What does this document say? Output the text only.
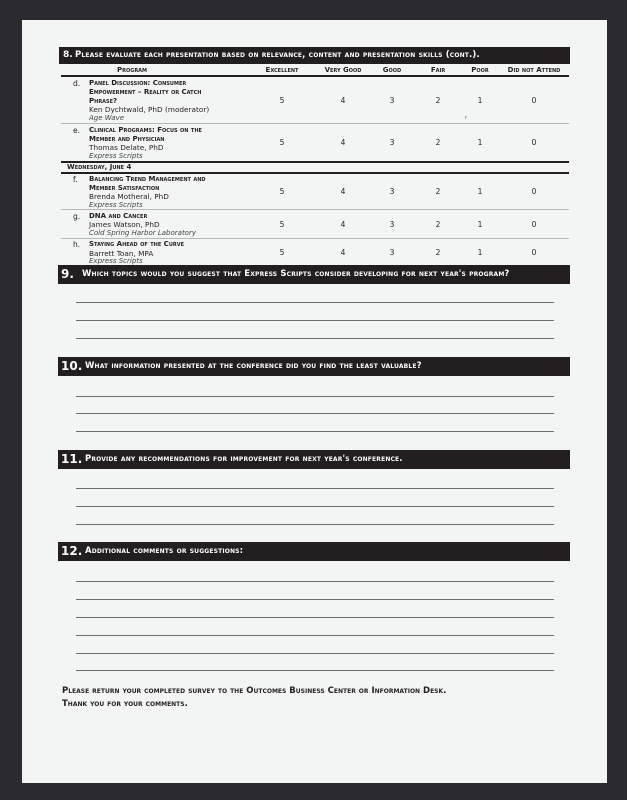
8. Please evaluate each presentation based on relevance, content and presentation skills (cont.).
Program	Excellent	Very Good	Good	Fair	Poor	Did not Attend
d. Panel Discussion: Consumer
Empowerment – Reality or Catch
Phrase?
Ken Dychtwald, PhD (moderator)
Age Wave
5	4	3	2	1	0
r
e. Clinical Programs: Focus on the
Member and Physician
Thomas Delate, PhD
Express Scripts
5	4	3	2	1	0
Wednesday, June 4
f. Balancing Trend Management and
Member Satisfaction
Brenda Motheral, PhD
Express Scripts
5	4	3	2	1	0
g. DNA and Cancer
James Watson, PhD
Cold Spring Harbor Laboratory
5	4	3	2	1	0
h. Staying Ahead of the Curve
Barrett Toan, MPA
Express Scripts
5	4	3	2	1	0
9. Which topics would you suggest that Express Scripts consider developing for next year's program?
10. What information presented at the conference did you find the least valuable?
11. Provide any recommendations for improvement for next year's conference.
12. Additional comments or suggestions:
Please return your completed survey to the Outcomes Business Center or Information Desk.
Thank you for your comments.
